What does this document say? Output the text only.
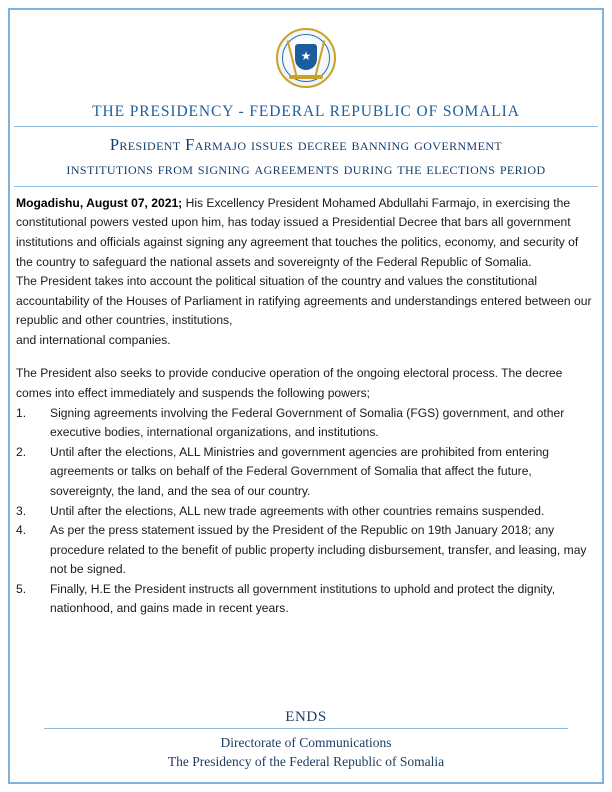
★
THE PRESIDENCY - FEDERAL REPUBLIC OF SOMALIA
President Farmajo issues decree banning government
institutions from signing agreements during the elections period

Mogadishu, August 07, 2021; His Excellency President Mohamed Abdullahi Farmajo, in exercising the constitutional powers vested upon him, has today issued a Presidential Decree that bars all government institutions and officials against signing any agreement that touches the politics, economy, and security of the country to safeguard the national assets and sovereignty of the Federal Republic of Somalia.

The President takes into account the political situation of the country and values the constitutional accountability of the Houses of Parliament in ratifying agreements and understandings entered between our republic and other countries, institutions,

and international companies.

The President also seeks to provide conducive operation of the ongoing electoral process. The decree comes into effect immediately and suspends the following powers;

1.	Signing agreements involving the Federal Government of Somalia (FGS) government, and other executive bodies, international organizations, and institutions.
2.	Until after the elections, ALL Ministries and government agencies are prohibited from entering agreements or talks on behalf of the Federal Government of Somalia that affect the future, sovereignty, the land, and the sea of our country.
3.	Until after the elections, ALL new trade agreements with other countries remains suspended.
4.	As per the press statement issued by the President of the Republic on 19th January 2018; any procedure related to the benefit of public property including disbursement, transfer, and leasing, may not be signed.
5.	Finally, H.E the President instructs all government institutions to uphold and protect the dignity, nationhood, and gains made in recent years.
ENDS
Directorate of Communications
The Presidency of the Federal Republic of Somalia
